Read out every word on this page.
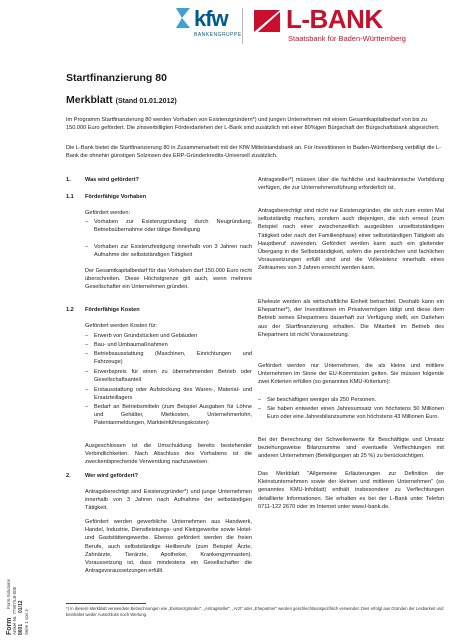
kfw
BANKENGRUPPE
L-BANK
Staatsbank für Baden-Württemberg
Startfinanzierung 80
Merkblatt (Stand 01.01.2012)
Im Programm Startfinanzierung 80 werden Vorhaben von Existenzgründern*) und jungen Unternehmen mit einem Gesamtkapitalbedarf von bis zu 150.000 Euro gefördert. Die zinsverbilligten Förderdarlehen der L-Bank sind zusätzlich mit einer 80%igen Bürgschaft der Bürgschaftsbank abgesichert.
Die L-Bank bietet die Startfinanzierung 80 in Zusammenarbeit mit der KfW Mittelstandsbank an. Für Investitionen in Baden-Württemberg verbilligt die L-Bank die ohnehin günstigen Solzinsen des ERP-Gründerkredits-Universell zusätzlich.
1.	Was wird gefördert?
1.1 Förderfähige Vorhaben
Gefördert werden:
– Vorhaben zur Existenzgründung durch Neugründung, Betriebsübernahme oder tätige Beteiligung
– Vorhaben zur Existenzfestigung innerhalb von 3 Jahren nach Aufnahme der selbstständigen Tätigkeit
Der Gesamtkapitalbedarf für das Vorhaben darf 150.000 Euro nicht überschreiten. Diese Höchstgrenze gilt auch, wenn mehrere Gesellschafter ein Unternehmen gründen.
1.2 Förderfähige Kosten
Gefördert werden Kosten für:
– Erwerb von Grundstücken und Gebäuden
– Bau- und Umbaumaßnahmen
– Betriebsausstattung (Maschinen, Einrichtungen und Fahrzeuge)
– Erwerbspreis für einen zu übernehmenden Betrieb oder Gesellschaftsanteil
– Erstausstattung oder Aufstockung des Waren-, Material- und Ersatzteillagers
– Bedarf an Betriebsmitteln (zum Beispiel Ausgaben für Löhne und Gehälter, Mietkosten, Unternehmerlohn, Patentanmeldungen, Markteinführungskosten)
Ausgeschlossen ist die Umschuldung bereits bestehender Verbindlichkeiten. Nach Abschluss des Vorhabens ist die zweckentsprechende Verwendung nachzuweisen.
2.	Wer wird gefördert?
Antragsberechtigt sind Existenzgründer*) und junge Unternehmen innerhalb von 3 Jahren nach Aufnahme der selbständigen Tätigkeit.
Gefördert werden gewerbliche Unternehmen aus Handwerk, Handel, Industrie, Dienstleistungs- und Kleingewerbe sowie Hotel- und Gaststättengewerbe. Ebenso gefördert werden die freien Berufe, auch selbstständige Heilberufe (zum Beispiel Ärzte, Zahnärzte, Tierärzte, Apotheker, Krankengymnasten). Voraussetzung ist, dass mindestens ein Gesellschafter die Antragsvoraussetzungen erfüllt.
Antragsteller*) müssen über die fachliche und kaufmännische Vorbildung verfügen, die zur Unternehmensführung erforderlich ist.
Antragsberechtigt sind nicht nur Existenzgründer, die sich zum ersten Mal selbstständig machen, sondern auch diejenigen, die sich erneut (zum Beispiel nach einer zwischenzeitlich ausgeübten unselbstständigen Tätigkeit oder nach der Familienphase) einer selbstständigen Tätigkeit als Hauptberuf zuwenden. Gefördert werden kann auch ein gleitender Übergang in die Selbstständigkeit, sofern die persönlichen und fachlichen Voraussetzungen erfüllt sind und die Vollexistenz innerhalb eines Zeitraumes von 3 Jahren erreicht werden kann.
Eheleute werden als wirtschaftliche Einheit betrachtet. Deshalb kann ein Ehepartner*), der Investitionen im Privatvermögen tätigt und diese dem Betrieb seines Ehepartners dauerhaft zur Verfügung stellt, ein Darlehen aus der Startfinanzierung erhalten. Die Mitarbeit im Betrieb des Ehepartners ist nicht Voraussetzung.
Gefördert werden nur Unternehmen, die als kleine und mittlere Unternehmen im Sinne der EU-Kommission gelten. Sie müssen folgende zwei Kriterien erfüllen (so genanntes KMU-Kriterium):
– Sie beschäftigen weniger als 250 Personen.
– Sie haben entweder einen Jahresumsatz von höchstens 50 Millionen Euro oder eine Jahresbilanzsumme von höchstens 43 Millionen Euro.
Bei der Berechnung der Schwellenwerte für Beschäftigte und Umsatz beziehungsweise Bilanzsumme sind eventuelle Verflechtungen mit anderen Unternehmen (Beteiligungen ab 25 %) zu berücksichtigen.
Das Merkblatt "Allgemeine Erläuterungen zur Definition der Kleinstunternehmen sowie der kleinen und mittleren Unternehmen" (so genanntes KMU-Infoblatt) enthält insbesondere zu Verflechtungen detaillierte Informationen. Sie erhalten es bei der L-Bank unter Telefon 0711-122 2670 oder im Internet unter www.l-bank.de.
Form
Form-Solutions Artikel-Nr. 77997/LB-006 8601
01/12
Seite 1 von 3
*) In diesem Merkblatt verwendete Bezeichnungen wie „Existenzgründer", „Antragsteller", „Arzt" oder „Ehepartner" werden geschlechtsunspezifisch verwendet. Dies erfolgt aus Gründen der Lesbarkeit und beinhaltet weder Ausschluss noch Wertung.
